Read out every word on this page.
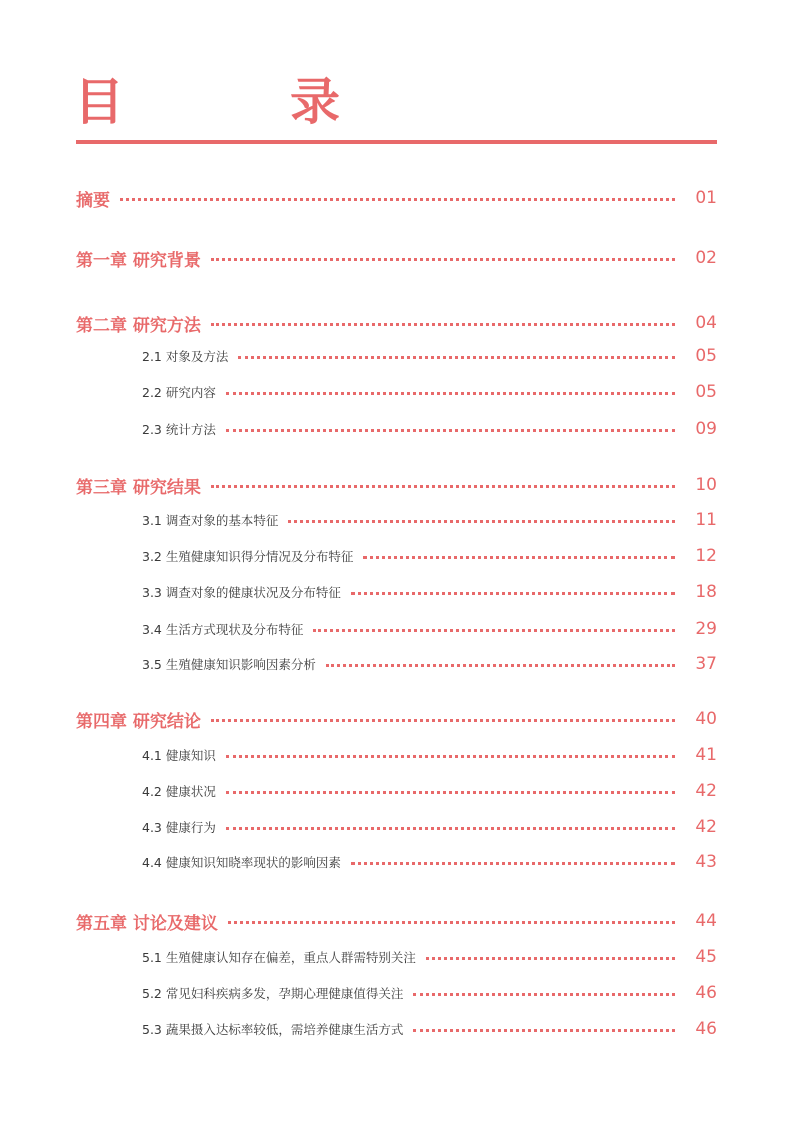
目　录
摘要	01
第一章 研究背景	02
第二章 研究方法	04
2.1 对象及方法	05
2.2 研究内容	05
2.3 统计方法	09
第三章 研究结果	10
3.1 调查对象的基本特征	11
3.2 生殖健康知识得分情况及分布特征	12
3.3 调查对象的健康状况及分布特征	18
3.4 生活方式现状及分布特征	29
3.5 生殖健康知识影响因素分析	37
第四章 研究结论	40
4.1 健康知识	41
4.2 健康状况	42
4.3 健康行为	42
4.4 健康知识知晓率现状的影响因素	43
第五章 讨论及建议	44
5.1 生殖健康认知存在偏差，重点人群需特别关注	45
5.2 常见妇科疾病多发，孕期心理健康值得关注	46
5.3 蔬果摄入达标率较低，需培养健康生活方式	46
